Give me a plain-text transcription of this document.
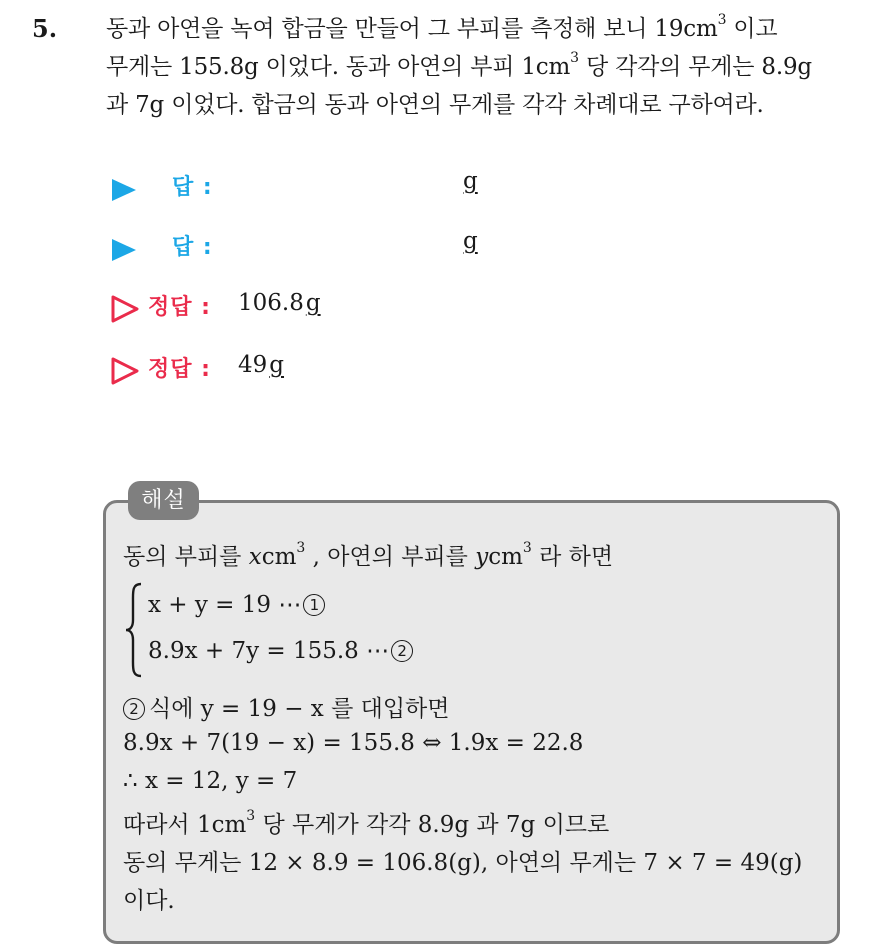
5. 동과 아연을 녹여 합금을 만들어 그 부피를 측정해 보니 $19cm^3$ 이고
무게는 155.8g 이었다. 동과 아연의 부피 $1cm^3$ 당 각각의 무게는 8.9g
과 7g 이었다. 합금의 동과 아연의 무게를 각각 차례대로 구하여라.
답 :	g
답 :	g
정답 : 106.8g
정답 : 49g
해설
동의 부피를 xcm$^3$ , 아연의 부피를 ycm$^3$ 라 하면
x + y = 19 ⋯ 1
8.9x + 7y = 155.8 ⋯ 2
2 식에 y = 19 − x 를 대입하면
8.9x + 7(19 − x) = 155.8 ⇔ 1.9x = 22.8
∴ x = 12, y = 7
따라서 $1cm^3$ 당 무게가 각각 8.9g 과 7g 이므로
동의 무게는 12 × 8.9 = 106.8(g), 아연의 무게는 7 × 7 = 49(g)
이다.
